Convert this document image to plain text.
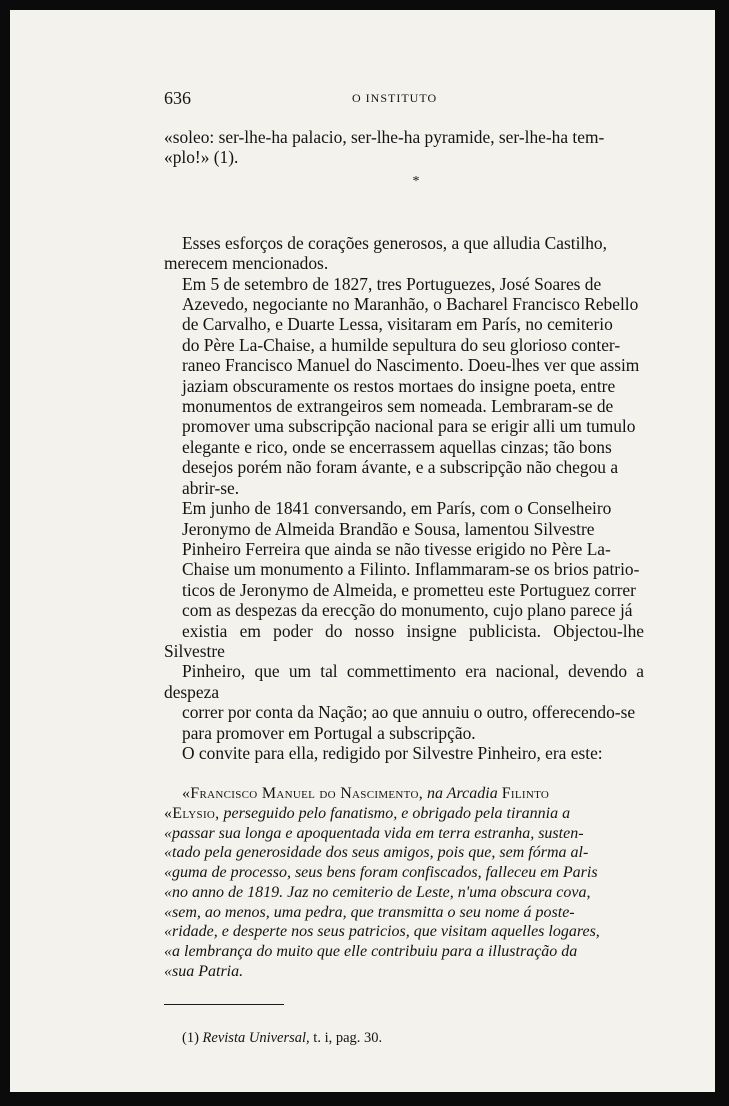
636	O INSTITUTO

«soleo: ser-lhe-ha palacio, ser-lhe-ha pyramide, ser-lhe-ha tem-
«plo!» (1).

*

Esses esforços de corações generosos, a que alludia Castilho,
merecem mencionados.

Em 5 de setembro de 1827, tres Portuguezes, José Soares de
Azevedo, negociante no Maranhão, o Bacharel Francisco Rebello
de Carvalho, e Duarte Lessa, visitaram em París, no cemiterio
do Père La-Chaise, a humilde sepultura do seu glorioso conter-
raneo Francisco Manuel do Nascimento. Doeu-lhes ver que assim
jaziam obscuramente os restos mortaes do insigne poeta, entre
monumentos de extrangeiros sem nomeada. Lembraram-se de
promover uma subscripção nacional para se erigir alli um tumulo
elegante e rico, onde se encerrassem aquellas cinzas; tão bons
desejos porém não foram ávante, e a subscripção não chegou a
abrir-se.

Em junho de 1841 conversando, em París, com o Conselheiro
Jeronymo de Almeida Brandão e Sousa, lamentou Silvestre
Pinheiro Ferreira que ainda se não tivesse erigido no Père La-
Chaise um monumento a Filinto. Inflammaram-se os brios patrio-
ticos de Jeronymo de Almeida, e prometteu este Portuguez correr
com as despezas da erecção do monumento, cujo plano parece já
existia em poder do nosso insigne publicista. Objectou-lhe Silvestre
Pinheiro, que um tal commettimento era nacional, devendo a despeza
correr por conta da Nação; ao que annuiu o outro, offerecendo-se
para promover em Portugal a subscripção.

O convite para ella, redigido por Silvestre Pinheiro, era este:

«Francisco Manuel do Nascimento, na Arcadia Filinto
«Elysio, perseguido pelo fanatismo, e obrigado pela tirannia a
«passar sua longa e apoquentada vida em terra estranha, susten-
«tado pela generosidade dos seus amigos, pois que, sem fórma al-
«guma de processo, seus bens foram confiscados, falleceu em Paris
«no anno de 1819. Jaz no cemiterio de Leste, n'uma obscura cova,
«sem, ao menos, uma pedra, que transmitta o seu nome á poste-
«ridade, e desperte nos seus patricios, que visitam aquelles logares,
«a lembrança do muito que elle contribuiu para a illustração da
«sua Patria.
(1) Revista Universal, t. i, pag. 30.
